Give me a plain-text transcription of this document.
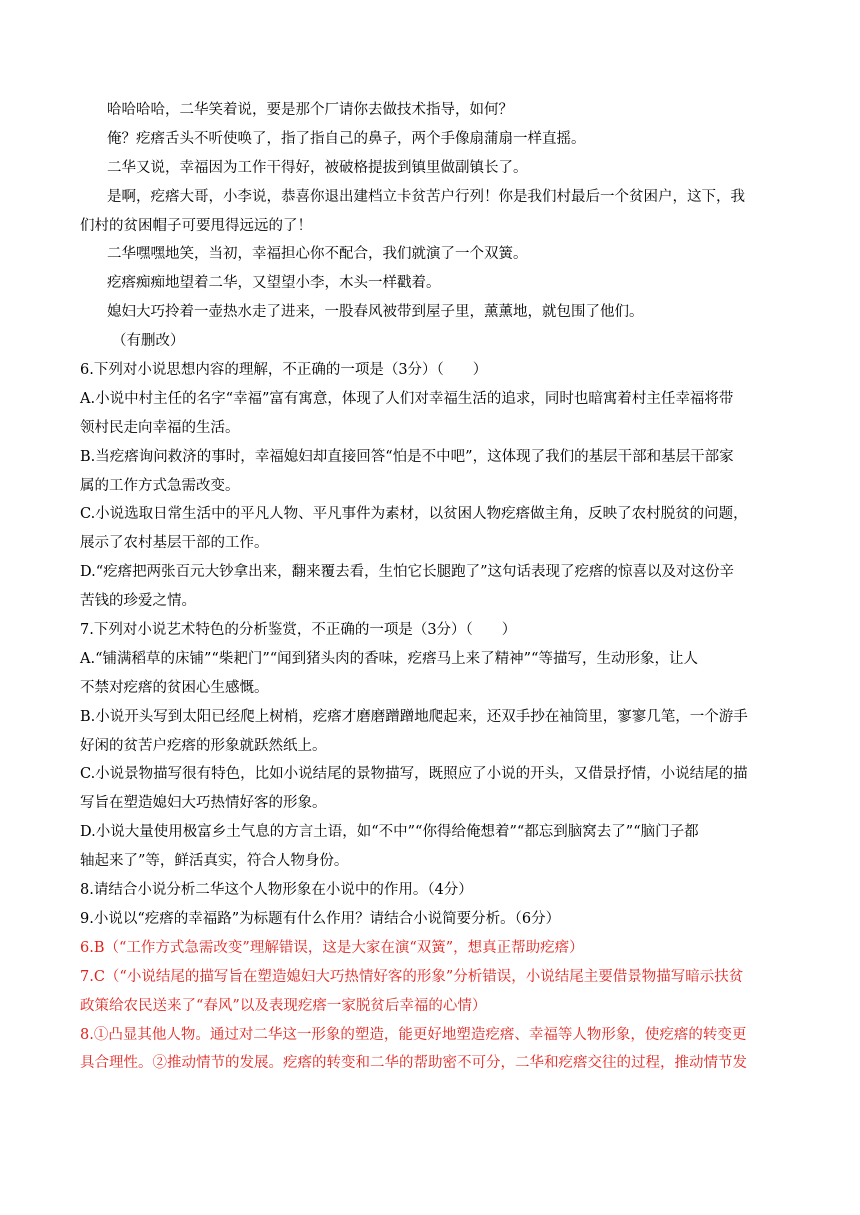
哈哈哈哈，二华笑着说，要是那个厂请你去做技术指导，如何？
俺？疙瘩舌头不听使唤了，指了指自己的鼻子，两个手像扇蒲扇一样直摇。
二华又说，幸福因为工作干得好，被破格提拔到镇里做副镇长了。
是啊，疙瘩大哥，小李说，恭喜你退出建档立卡贫苦户行列！你是我们村最后一个贫困户，这下，我
们村的贫困帽子可要甩得远远的了！
二华嘿嘿地笑，当初，幸福担心你不配合，我们就演了一个双簧。
疙瘩痴痴地望着二华，又望望小李，木头一样戳着。
媳妇大巧拎着一壶热水走了进来，一股春风被带到屋子里，薰薰地，就包围了他们。
（有删改）
6.下列对小说思想内容的理解，不正确的一项是（3分）（　　）
A.小说中村主任的名字“幸福”富有寓意，体现了人们对幸福生活的追求，同时也暗寓着村主任幸福将带
领村民走向幸福的生活。
B.当疙瘩询问救济的事时，幸福媳妇却直接回答“怕是不中吧”，这体现了我们的基层干部和基层干部家
属的工作方式急需改变。
C.小说选取日常生活中的平凡人物、平凡事件为素材，以贫困人物疙瘩做主角，反映了农村脱贫的问题，
展示了农村基层干部的工作。
D.“疙瘩把两张百元大钞拿出来，翻来覆去看，生怕它长腿跑了”这句话表现了疙瘩的惊喜以及对这份辛
苦钱的珍爱之情。
7.下列对小说艺术特色的分析鉴赏，不正确的一项是（3分）（　　）
A.“铺满稻草的床铺”“柴耙门”“闻到猪头肉的香味，疙瘩马上来了精神”“等描写，生动形象，让人
不禁对疙瘩的贫困心生感慨。
B.小说开头写到太阳已经爬上树梢，疙瘩才磨磨蹭蹭地爬起来，还双手抄在袖筒里，寥寥几笔，一个游手
好闲的贫苦户疙瘩的形象就跃然纸上。
C.小说景物描写很有特色，比如小说结尾的景物描写，既照应了小说的开头，又借景抒情，小说结尾的描
写旨在塑造媳妇大巧热情好客的形象。
D.小说大量使用极富乡土气息的方言土语，如“不中”“你得给俺想着”“都忘到脑窝去了”“脑门子都
轴起来了”等，鲜活真实，符合人物身份。
8.请结合小说分析二华这个人物形象在小说中的作用。（4分）
9.小说以“疙瘩的幸福路”为标题有什么作用？请结合小说简要分析。（6分）
6.B（“工作方式急需改变”理解错误，这是大家在演“双簧”，想真正帮助疙瘩）
7.C（“小说结尾的描写旨在塑造媳妇大巧热情好客的形象”分析错误，小说结尾主要借景物描写暗示扶贫
政策给农民送来了“春风”以及表现疙瘩一家脱贫后幸福的心情）
8.①凸显其他人物。通过对二华这一形象的塑造，能更好地塑造疙瘩、幸福等人物形象，使疙瘩的转变更
具合理性。②推动情节的发展。疙瘩的转变和二华的帮助密不可分，二华和疙瘩交往的过程，推动情节发
